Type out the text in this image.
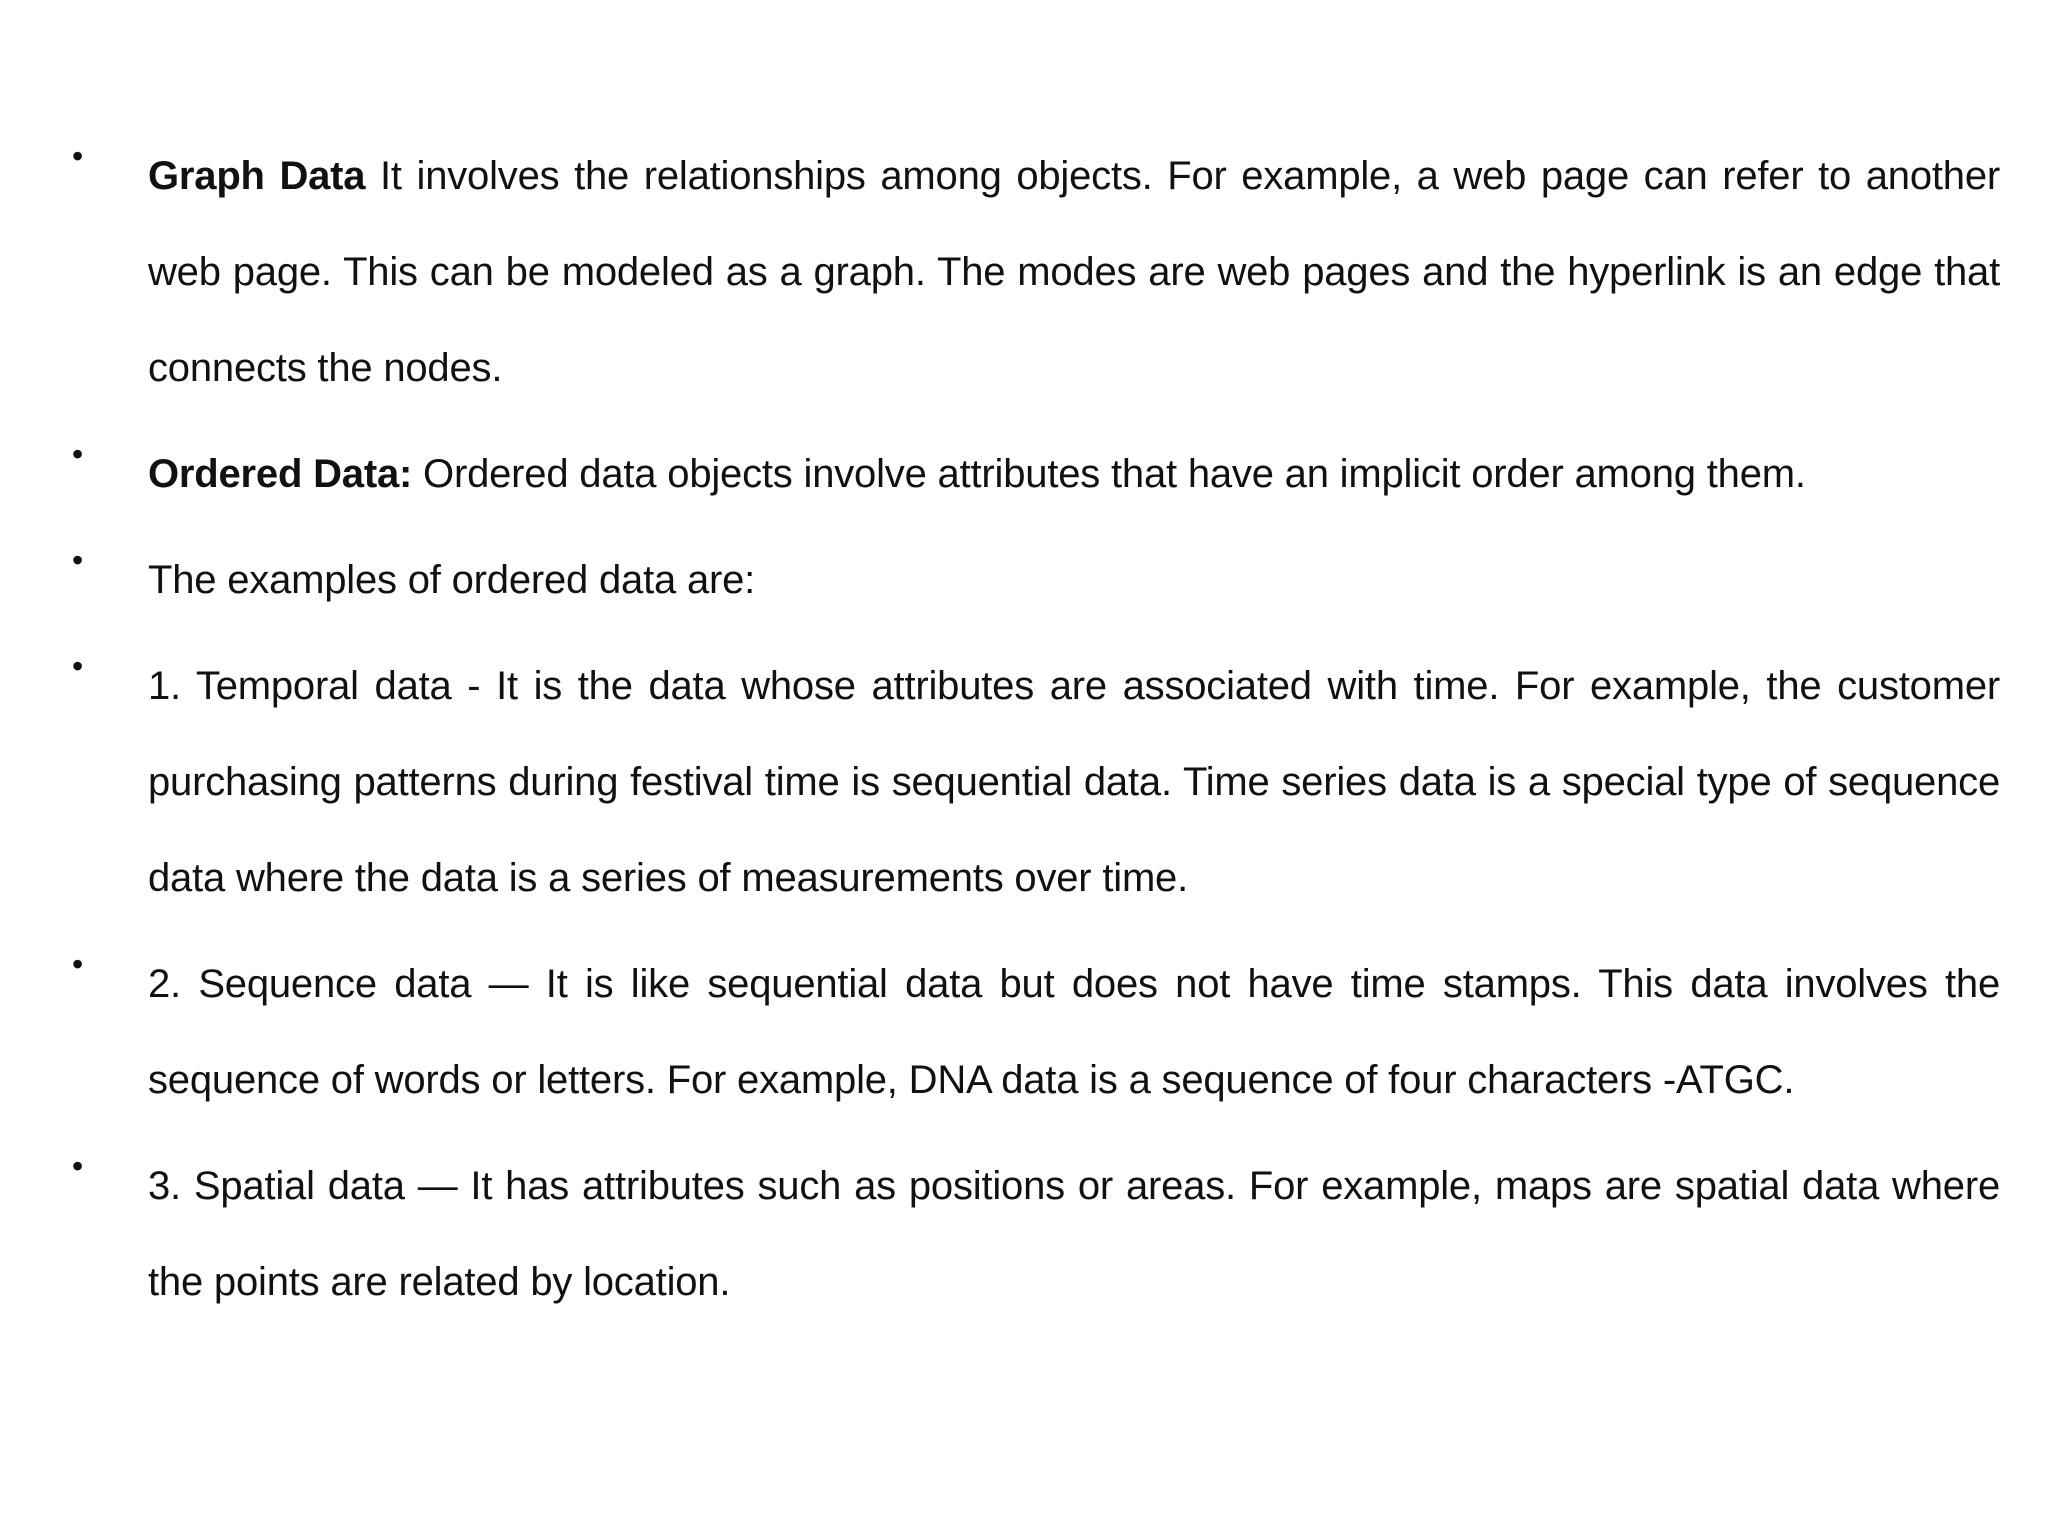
• Graph Data It involves the relationships among objects. For example, a web page can refer to another web page. This can be modeled as a graph. The modes are web pages and the hyperlink is an edge that connects the nodes.

• Ordered Data: Ordered data objects involve attributes that have an implicit order among them.

• The examples of ordered data are:

• 1. Temporal data - It is the data whose attributes are associated with time. For example, the customer purchasing patterns during festival time is sequential data. Time series data is a special type of sequence data where the data is a series of measurements over time.

• 2. Sequence data — It is like sequential data but does not have time stamps. This data involves the sequence of words or letters. For example, DNA data is a sequence of four characters -ATGC.

• 3. Spatial data — It has attributes such as positions or areas. For example, maps are spatial data where the points are related by location.
